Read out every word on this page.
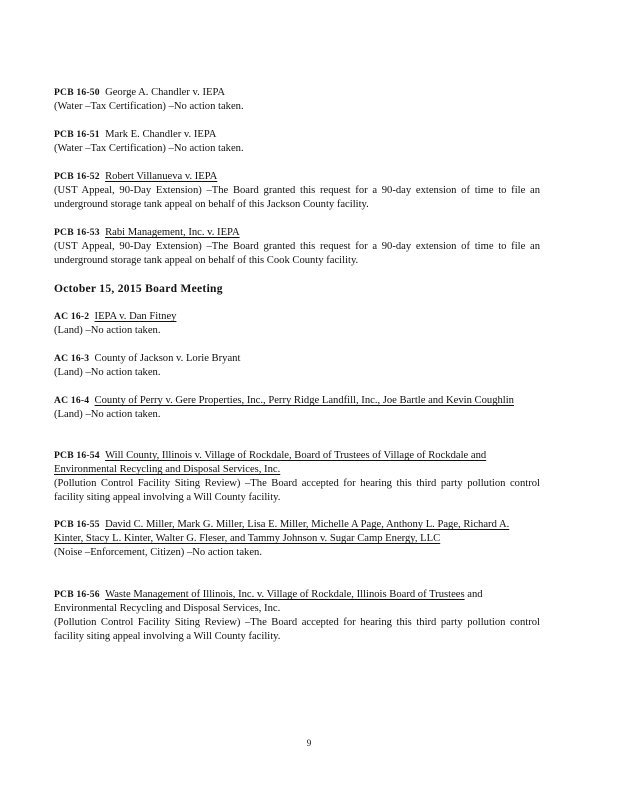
PCB 16-50 George A. Chandler v. IEPA

(Water –Tax Certification) –No action taken.

PCB 16-51 Mark E. Chandler v. IEPA

(Water –Tax Certification) –No action taken.

PCB 16-52 Robert Villanueva v. IEPA

(UST Appeal, 90-Day Extension) –The Board granted this request for a 90-day extension of time to file an underground storage tank appeal on behalf of this Jackson County facility.

PCB 16-53 Rabi Management, Inc. v. IEPA

(UST Appeal, 90-Day Extension) –The Board granted this request for a 90-day extension of time to file an underground storage tank appeal on behalf of this Cook County facility.

October 15, 2015 Board Meeting

AC 16-2 IEPA v. Dan Fitney

(Land) –No action taken.

AC 16-3 County of Jackson v. Lorie Bryant

(Land) –No action taken.

AC 16-4 County of Perry v. Gere Properties, Inc., Perry Ridge Landfill, Inc., Joe Bartle and Kevin Coughlin

(Land) –No action taken.

PCB 16-54 Will County, Illinois v. Village of Rockdale, Board of Trustees of Village of Rockdale and Environmental Recycling and Disposal Services, Inc.

(Pollution Control Facility Siting Review) –The Board accepted for hearing this third party pollution control facility siting appeal involving a Will County facility.

PCB 16-55 David C. Miller, Mark G. Miller, Lisa E. Miller, Michelle A Page, Anthony L. Page, Richard A. Kinter, Stacy L. Kinter, Walter G. Fleser, and Tammy Johnson v. Sugar Camp Energy, LLC

(Noise –Enforcement, Citizen) –No action taken.

PCB 16-56 Waste Management of Illinois, Inc. v. Village of Rockdale, Illinois Board of Trustees and Environmental Recycling and Disposal Services, Inc.

(Pollution Control Facility Siting Review) –The Board accepted for hearing this third party pollution control facility siting appeal involving a Will County facility.

9
